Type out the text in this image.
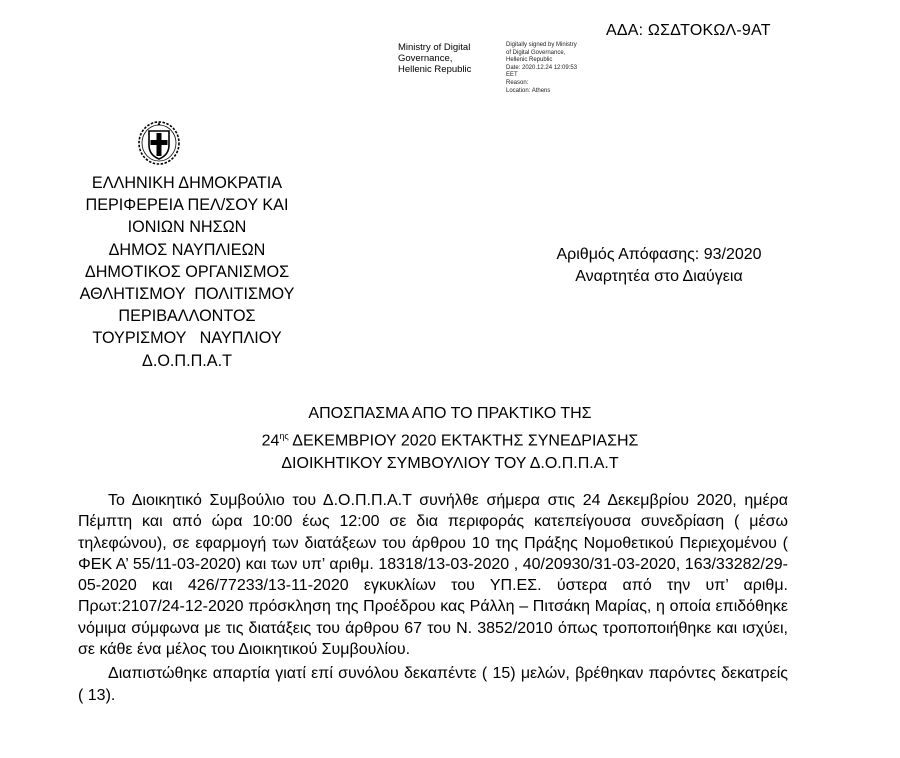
ΑΔΑ: ΩΣΔΤΟΚΩΛ-9ΑΤ
Ministry of Digital
Governance,
Hellenic Republic
Digitally signed by Ministry
of Digital Governance,
Hellenic Republic
Date: 2020.12.24 12:09:53
EET
Reason:
Location: Athens
ΕΛΛΗΝΙΚΗ ΔΗΜΟΚΡΑΤΙΑ
ΠΕΡΙΦΕΡΕΙΑ ΠΕΛ/ΣΟΥ ΚΑΙ
ΙΟΝΙΩΝ ΝΗΣΩΝ
ΔΗΜΟΣ ΝΑΥΠΛΙΕΩΝ
ΔΗΜΟΤΙΚΟΣ ΟΡΓΑΝΙΣΜΟΣ
ΑΘΛΗΤΙΣΜΟΥ  ΠΟΛΙΤΙΣΜΟΥ
ΠΕΡΙΒΑΛΛΟΝΤΟΣ
ΤΟΥΡΙΣΜΟΥ   ΝΑΥΠΛΙΟΥ
Δ.Ο.Π.Π.Α.Τ
Αριθμός Απόφασης: 93/2020
Αναρτητέα στο Διαύγεια
ΑΠΟΣΠΑΣΜΑ ΑΠΟ ΤΟ ΠΡΑΚΤΙΚΟ ΤΗΣ
$24^{\eta\varsigma}$ ΔΕΚΕΜΒΡΙΟΥ 2020 ΕΚΤΑΚΤΗΣ ΣΥΝΕΔΡΙΑΣΗΣ
ΔΙΟΙΚΗΤΙΚΟΥ ΣΥΜΒΟΥΛΙΟΥ ΤΟΥ Δ.Ο.Π.Π.Α.Τ

Το Διοικητικό Συμβούλιο του Δ.Ο.Π.Π.Α.Τ συνήλθε σήμερα στις 24 Δεκεμβρίου 2020, ημέρα Πέμπτη και από ώρα 10:00 έως 12:00 σε δια περιφοράς κατεπείγουσα συνεδρίαση ( μέσω τηλεφώνου), σε εφαρμογή των διατάξεων του άρθρου 10 της Πράξης Νομοθετικού Περιεχομένου ( ΦΕΚ Α’ 55/11-03-2020) και των υπ’ αριθμ. 18318/13-03-2020 , 40/20930/31-03-2020, 163/33282/29-05-2020 και 426/77233/13-11-2020 εγκυκλίων του ΥΠ.ΕΣ. ύστερα από την υπ’ αριθμ. Πρωτ:2107/24-12-2020 πρόσκληση της Προέδρου κας Ράλλη – Πιτσάκη Μαρίας, η οποία επιδόθηκε νόμιμα σύμφωνα με τις διατάξεις του άρθρου 67 του Ν. 3852/2010 όπως τροποποιήθηκε και ισχύει, σε κάθε ένα μέλος του Διοικητικού Συμβουλίου.

Διαπιστώθηκε απαρτία γιατί επί συνόλου δεκαπέντε ( 15) μελών, βρέθηκαν παρόντες δεκατρείς ( 13).
